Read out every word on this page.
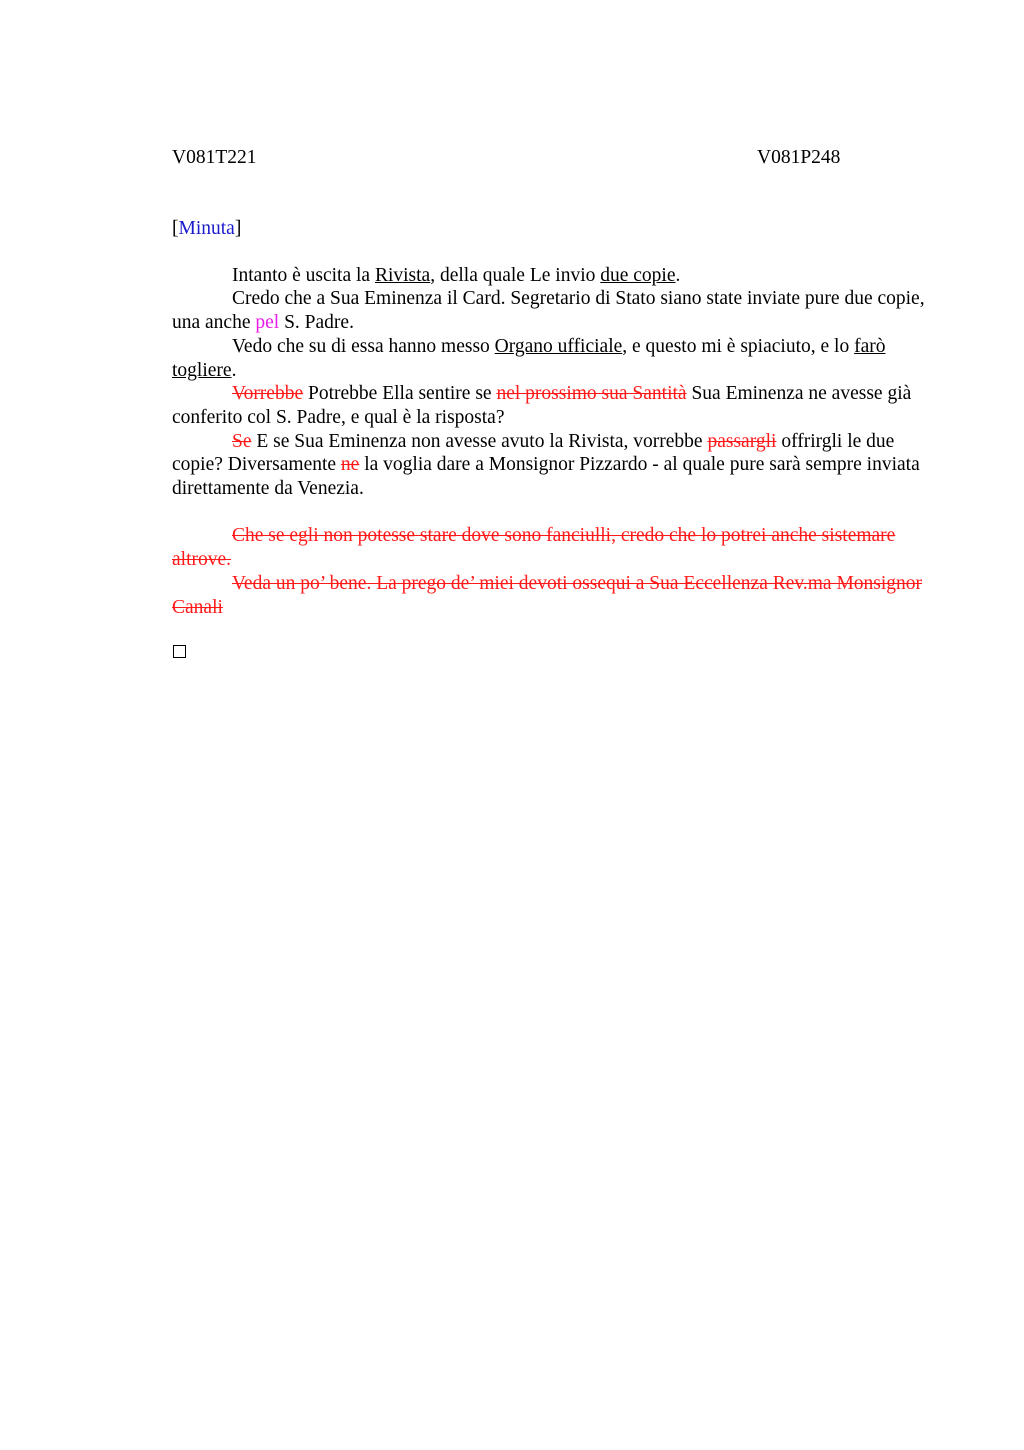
V081T221	V081P248
[Minuta]

Intanto è uscita la Rivista, della quale Le invio due copie.

Credo che a Sua Eminenza il Card. Segretario di Stato siano state inviate pure due copie, una anche pel S. Padre.

Vedo che su di essa hanno messo Organo ufficiale, e questo mi è spiaciuto, e lo farò togliere.

Vorrebbe Potrebbe Ella sentire se nel prossimo sua Santità Sua Eminenza ne avesse già conferito col S. Padre, e qual è la risposta?

Se E se Sua Eminenza non avesse avuto la Rivista, vorrebbe passargli offrirgli le due copie? Diversamente ne la voglia dare a Monsignor Pizzardo - al quale pure sarà sempre inviata direttamente da Venezia.

Che se egli non potesse stare dove sono fanciulli, credo che lo potrei anche sistemare altrove.

Veda un po’ bene. La prego de’ miei devoti ossequi a Sua Eccellenza Rev.ma Monsignor Canali
